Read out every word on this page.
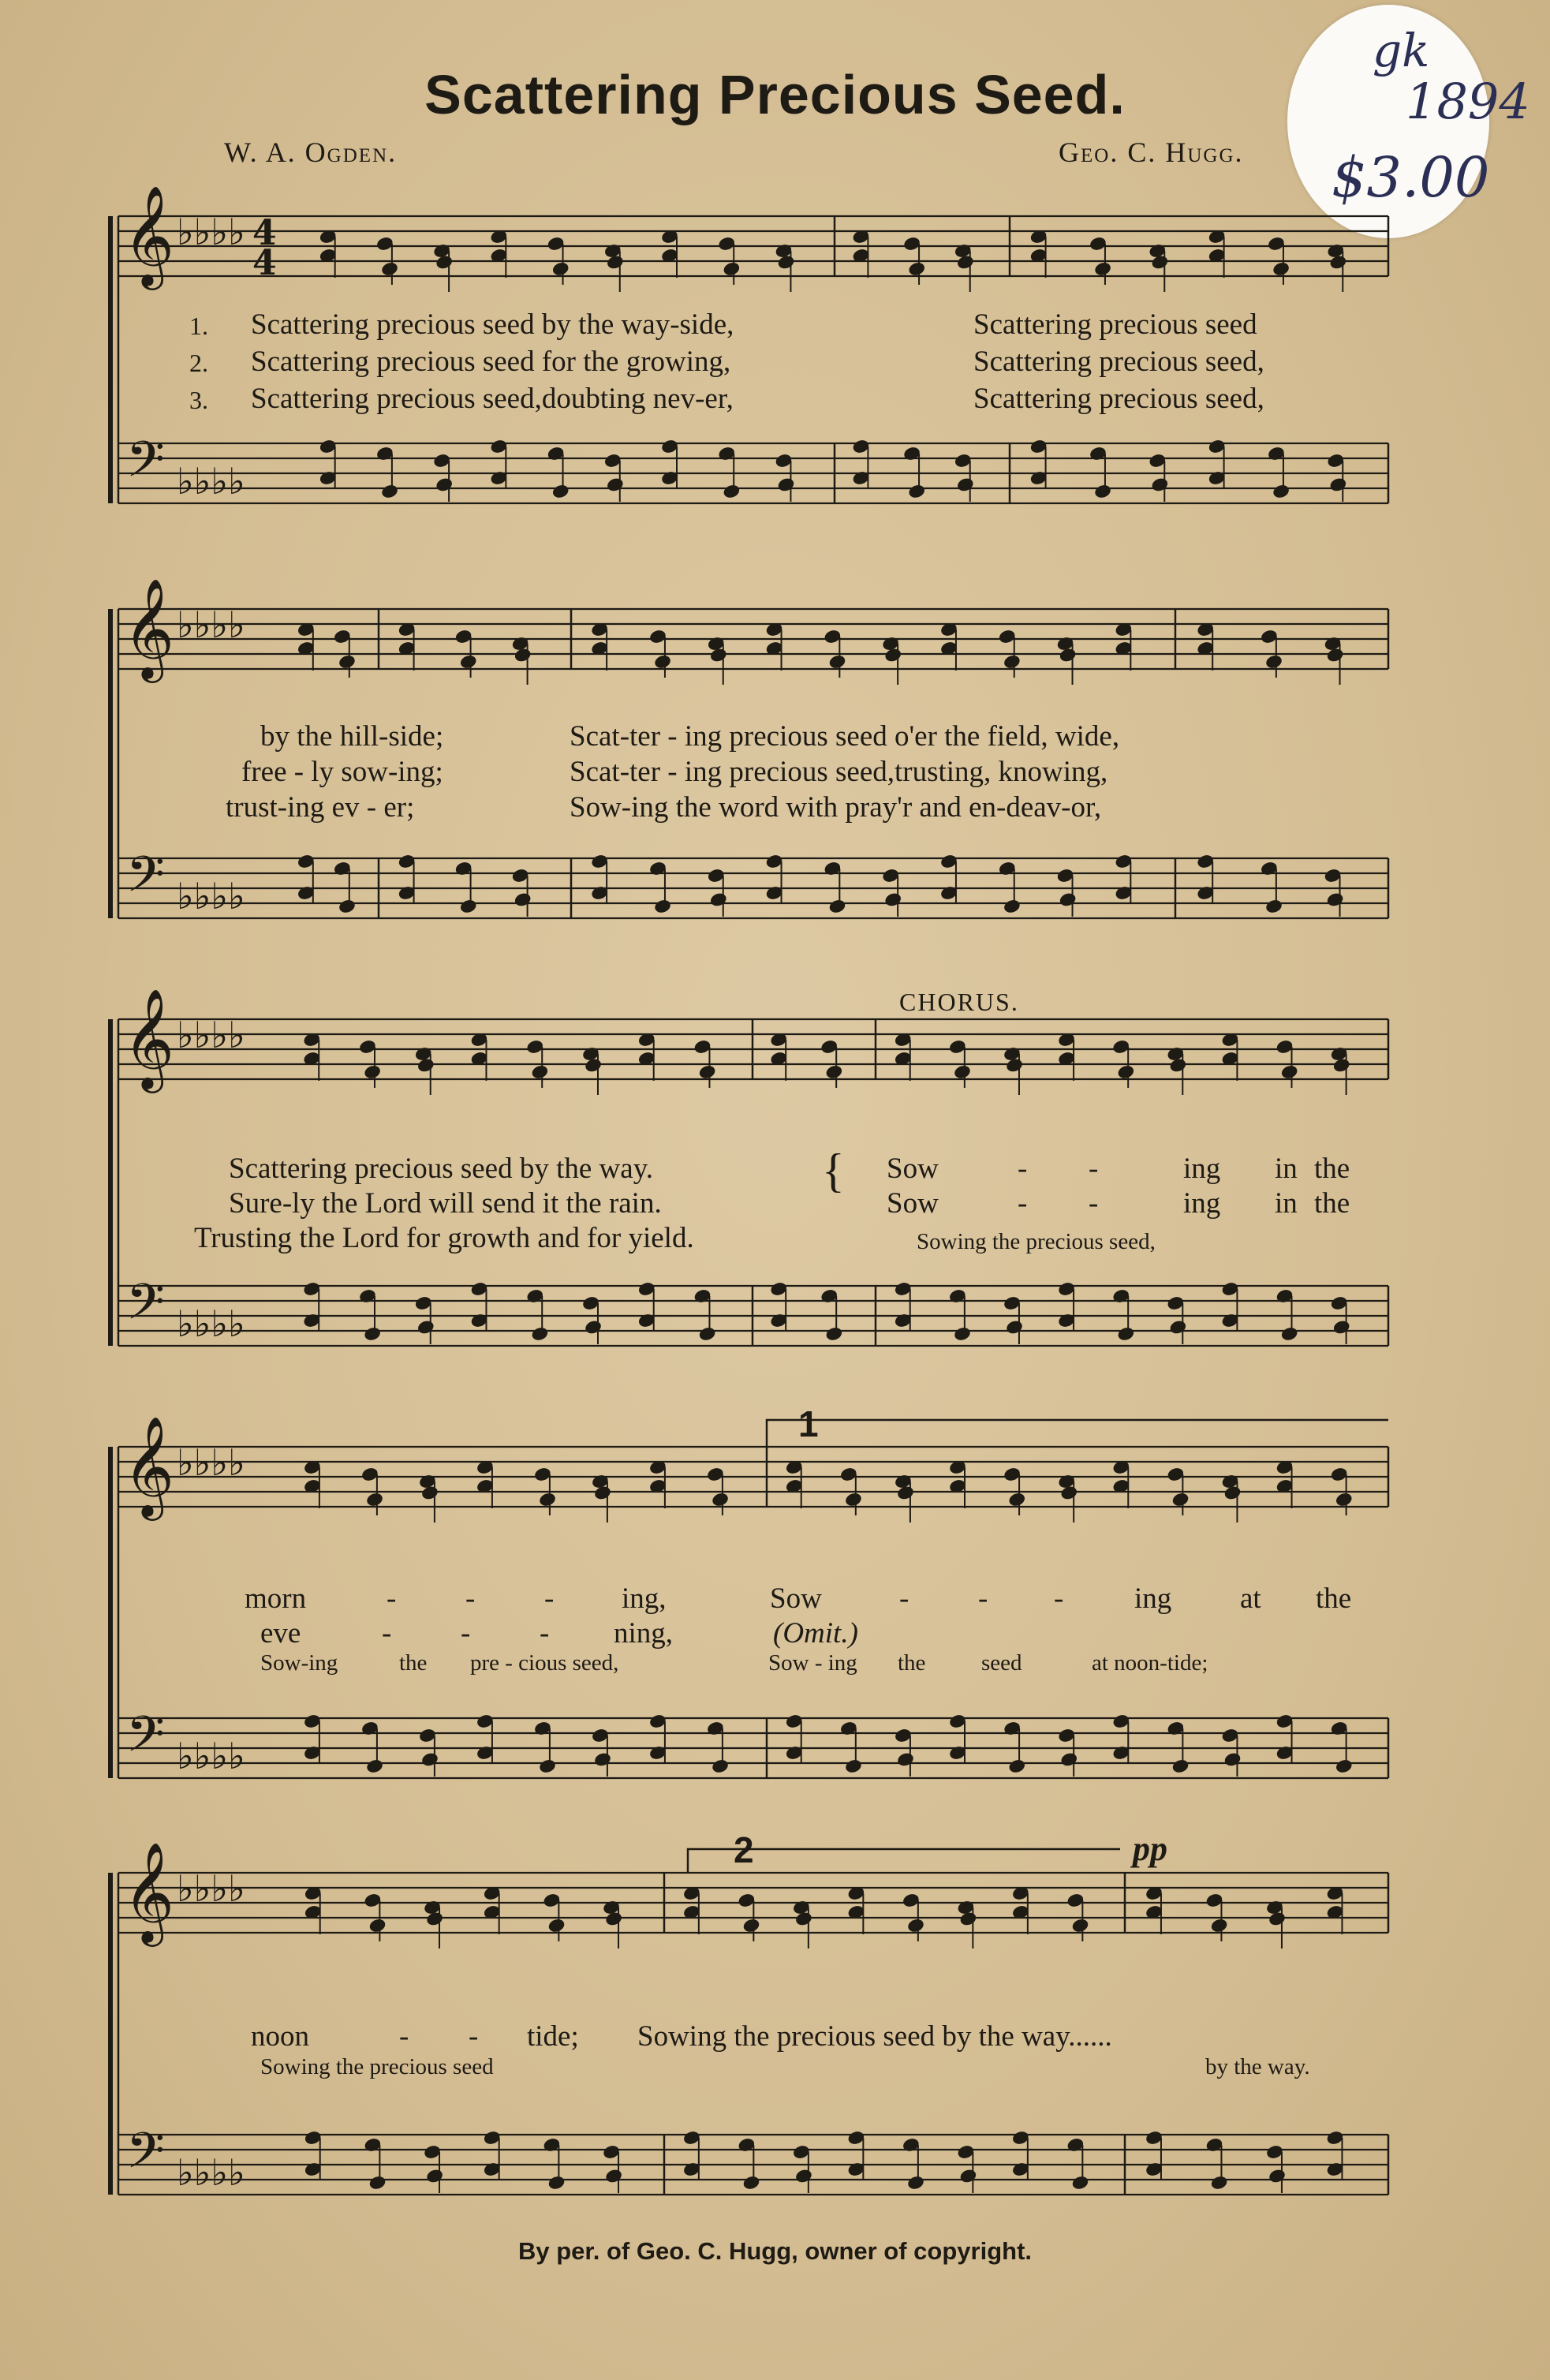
Scattering Precious Seed.
W. A. Ogden.	Geo. C. Hugg.
gk
1894
$3.00
𝄞
𝄢
♭♭♭♭
♭♭♭♭
4
4
𝄞
𝄢
♭♭♭♭
♭♭♭♭
𝄞
𝄢
♭♭♭♭
♭♭♭♭
𝄞
𝄢
♭♭♭♭
♭♭♭♭
𝄞
𝄢
♭♭♭♭
♭♭♭♭
1.
2.
3.
Scattering precious seed by the way-side,	Scattering precious seed
Scattering precious seed for the growing,	Scattering precious seed,
Scattering precious seed,doubting nev-er,	Scattering precious seed,
by the hill-side;	Scat-ter - ing precious seed o'er the field, wide,
free - ly sow-ing;	Scat-ter - ing precious seed,trusting, knowing,
trust-ing ev - er;	Sow-ing the word with pray'r and en-deav-or,
CHORUS.
Scattering precious seed by the way.
Sure-ly the Lord will send it the rain.
Trusting the Lord for growth and for yield.
{ Sow	- -	ing in the
Sow	- -	ing in the
Sowing the precious seed,
1
morn	- - - ing,	Sow	- - - ing at the
eve	- - - ning,	(Omit.)
Sow-ing	the pre - cious seed,	Sow - ing the seed	at noon-tide;
2	pp
noon	- - tide; Sowing the precious seed by the way......
Sowing the precious seed	by the way.
By per. of Geo. C. Hugg, owner of copyright.
